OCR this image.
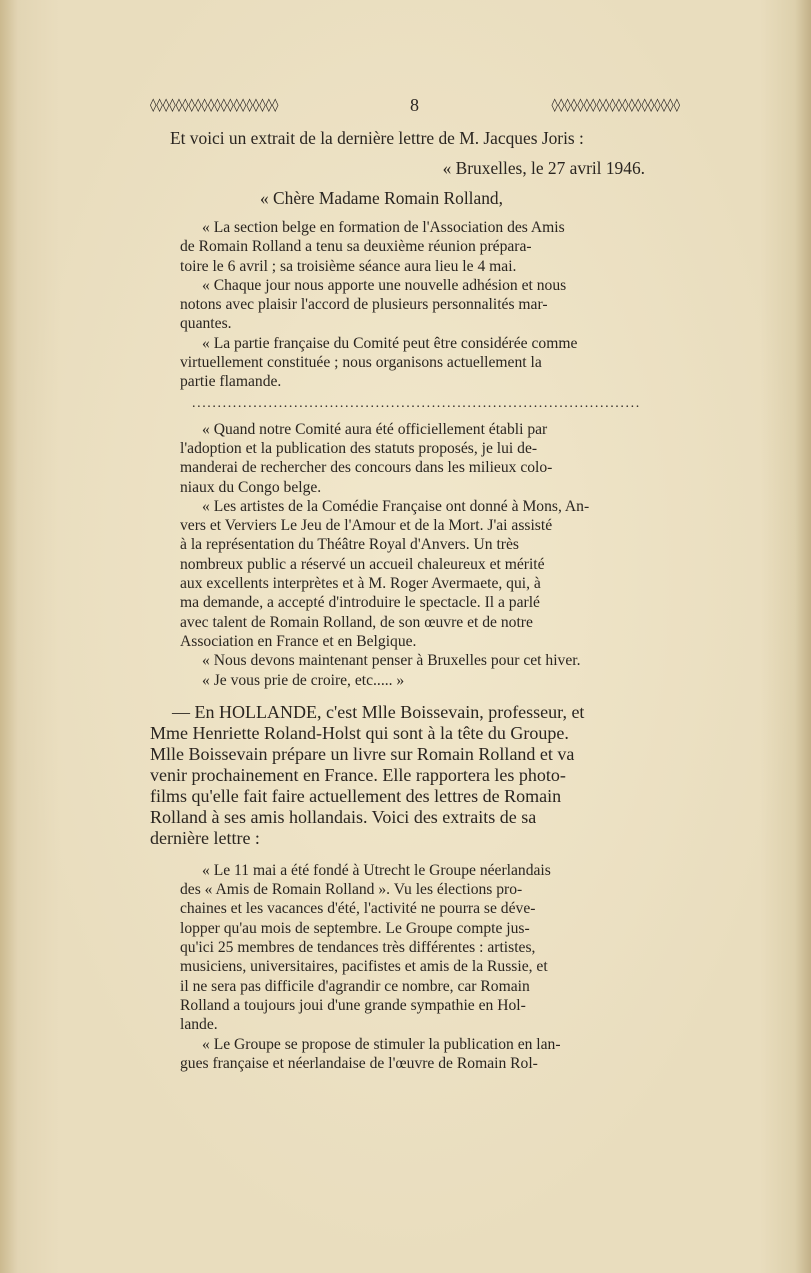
◊◊◊◊◊◊◊◊◊◊◊◊◊◊◊◊◊◊◊◊	8	◊◊◊◊◊◊◊◊◊◊◊◊◊◊◊◊◊◊◊◊

Et voici un extrait de la dernière lettre de M. Jacques Joris :

« Bruxelles, le 27 avril 1946.

« Chère Madame Romain Rolland,

« La section belge en formation de l'Association des Amis

de Romain Rolland a tenu sa deuxième réunion prépara-

toire le 6 avril ; sa troisième séance aura lieu le 4 mai.

« Chaque jour nous apporte une nouvelle adhésion et nous

notons avec plaisir l'accord de plusieurs personnalités mar-

quantes.

« La partie française du Comité peut être considérée comme

virtuellement constituée ; nous organisons actuellement la

partie flamande.

........................................................................................

« Quand notre Comité aura été officiellement établi par

l'adoption et la publication des statuts proposés, je lui de-

manderai de rechercher des concours dans les milieux colo-

niaux du Congo belge.

« Les artistes de la Comédie Française ont donné à Mons, An-

vers et Verviers Le Jeu de l'Amour et de la Mort. J'ai assisté

à la représentation du Théâtre Royal d'Anvers. Un très

nombreux public a réservé un accueil chaleureux et mérité

aux excellents interprètes et à M. Roger Avermaete, qui, à

ma demande, a accepté d'introduire le spectacle. Il a parlé

avec talent de Romain Rolland, de son œuvre et de notre

Association en France et en Belgique.

« Nous devons maintenant penser à Bruxelles pour cet hiver.

« Je vous prie de croire, etc..... »

— En HOLLANDE, c'est Mlle Boissevain, professeur, et

Mme Henriette Roland-Holst qui sont à la tête du Groupe.

Mlle Boissevain prépare un livre sur Romain Rolland et va

venir prochainement en France. Elle rapportera les photo-

films qu'elle fait faire actuellement des lettres de Romain

Rolland à ses amis hollandais. Voici des extraits de sa

dernière lettre :

« Le 11 mai a été fondé à Utrecht le Groupe néerlandais

des « Amis de Romain Rolland ». Vu les élections pro-

chaines et les vacances d'été, l'activité ne pourra se déve-

lopper qu'au mois de septembre. Le Groupe compte jus-

qu'ici 25 membres de tendances très différentes : artistes,

musiciens, universitaires, pacifistes et amis de la Russie, et

il ne sera pas difficile d'agrandir ce nombre, car Romain

Rolland a toujours joui d'une grande sympathie en Hol-

lande.

« Le Groupe se propose de stimuler la publication en lan-

gues française et néerlandaise de l'œuvre de Romain Rol-
